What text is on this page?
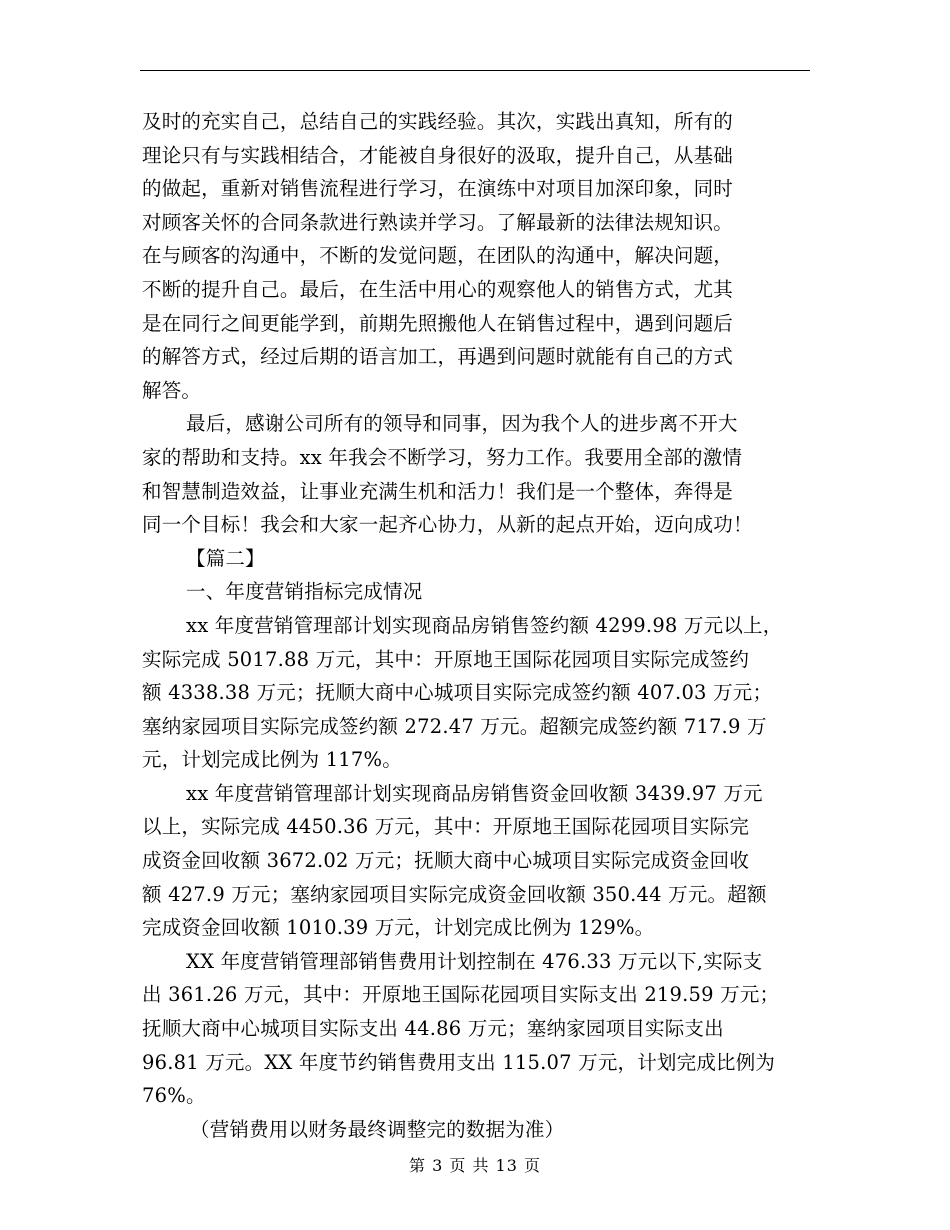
及时的充实自己，总结自己的实践经验。其次，实践出真知，所有的
理论只有与实践相结合，才能被自身很好的汲取，提升自己，从基础
的做起，重新对销售流程进行学习，在演练中对项目加深印象，同时
对顾客关怀的合同条款进行熟读并学习。了解最新的法律法规知识。
在与顾客的沟通中，不断的发觉问题，在团队的沟通中，解决问题，
不断的提升自己。最后，在生活中用心的观察他人的销售方式，尤其
是在同行之间更能学到，前期先照搬他人在销售过程中，遇到问题后
的解答方式，经过后期的语言加工，再遇到问题时就能有自己的方式
解答。
最后，感谢公司所有的领导和同事，因为我个人的进步离不开大
家的帮助和支持。xx 年我会不断学习，努力工作。我要用全部的激情
和智慧制造效益，让事业充满生机和活力！我们是一个整体，奔得是
同一个目标！我会和大家一起齐心协力，从新的起点开始，迈向成功！
【篇二】
一、年度营销指标完成情况
xx 年度营销管理部计划实现商品房销售签约额 4299.98 万元以上，
实际完成 5017.88 万元，其中：开原地王国际花园项目实际完成签约
额 4338.38 万元；抚顺大商中心城项目实际完成签约额 407.03 万元；
塞纳家园项目实际完成签约额 272.47 万元。超额完成签约额 717.9 万
元，计划完成比例为 117%。
xx 年度营销管理部计划实现商品房销售资金回收额 3439.97 万元
以上，实际完成 4450.36 万元，其中：开原地王国际花园项目实际完
成资金回收额 3672.02 万元；抚顺大商中心城项目实际完成资金回收
额 427.9 万元；塞纳家园项目实际完成资金回收额 350.44 万元。超额
完成资金回收额 1010.39 万元，计划完成比例为 129%。
XX 年度营销管理部销售费用计划控制在 476.33 万元以下,实际支
出 361.26 万元，其中：开原地王国际花园项目实际支出 219.59 万元；
抚顺大商中心城项目实际支出 44.86 万元；塞纳家园项目实际支出
96.81 万元。XX 年度节约销售费用支出 115.07 万元，计划完成比例为
76%。
（营销费用以财务最终调整完的数据为准）
第 3 页 共 13 页
